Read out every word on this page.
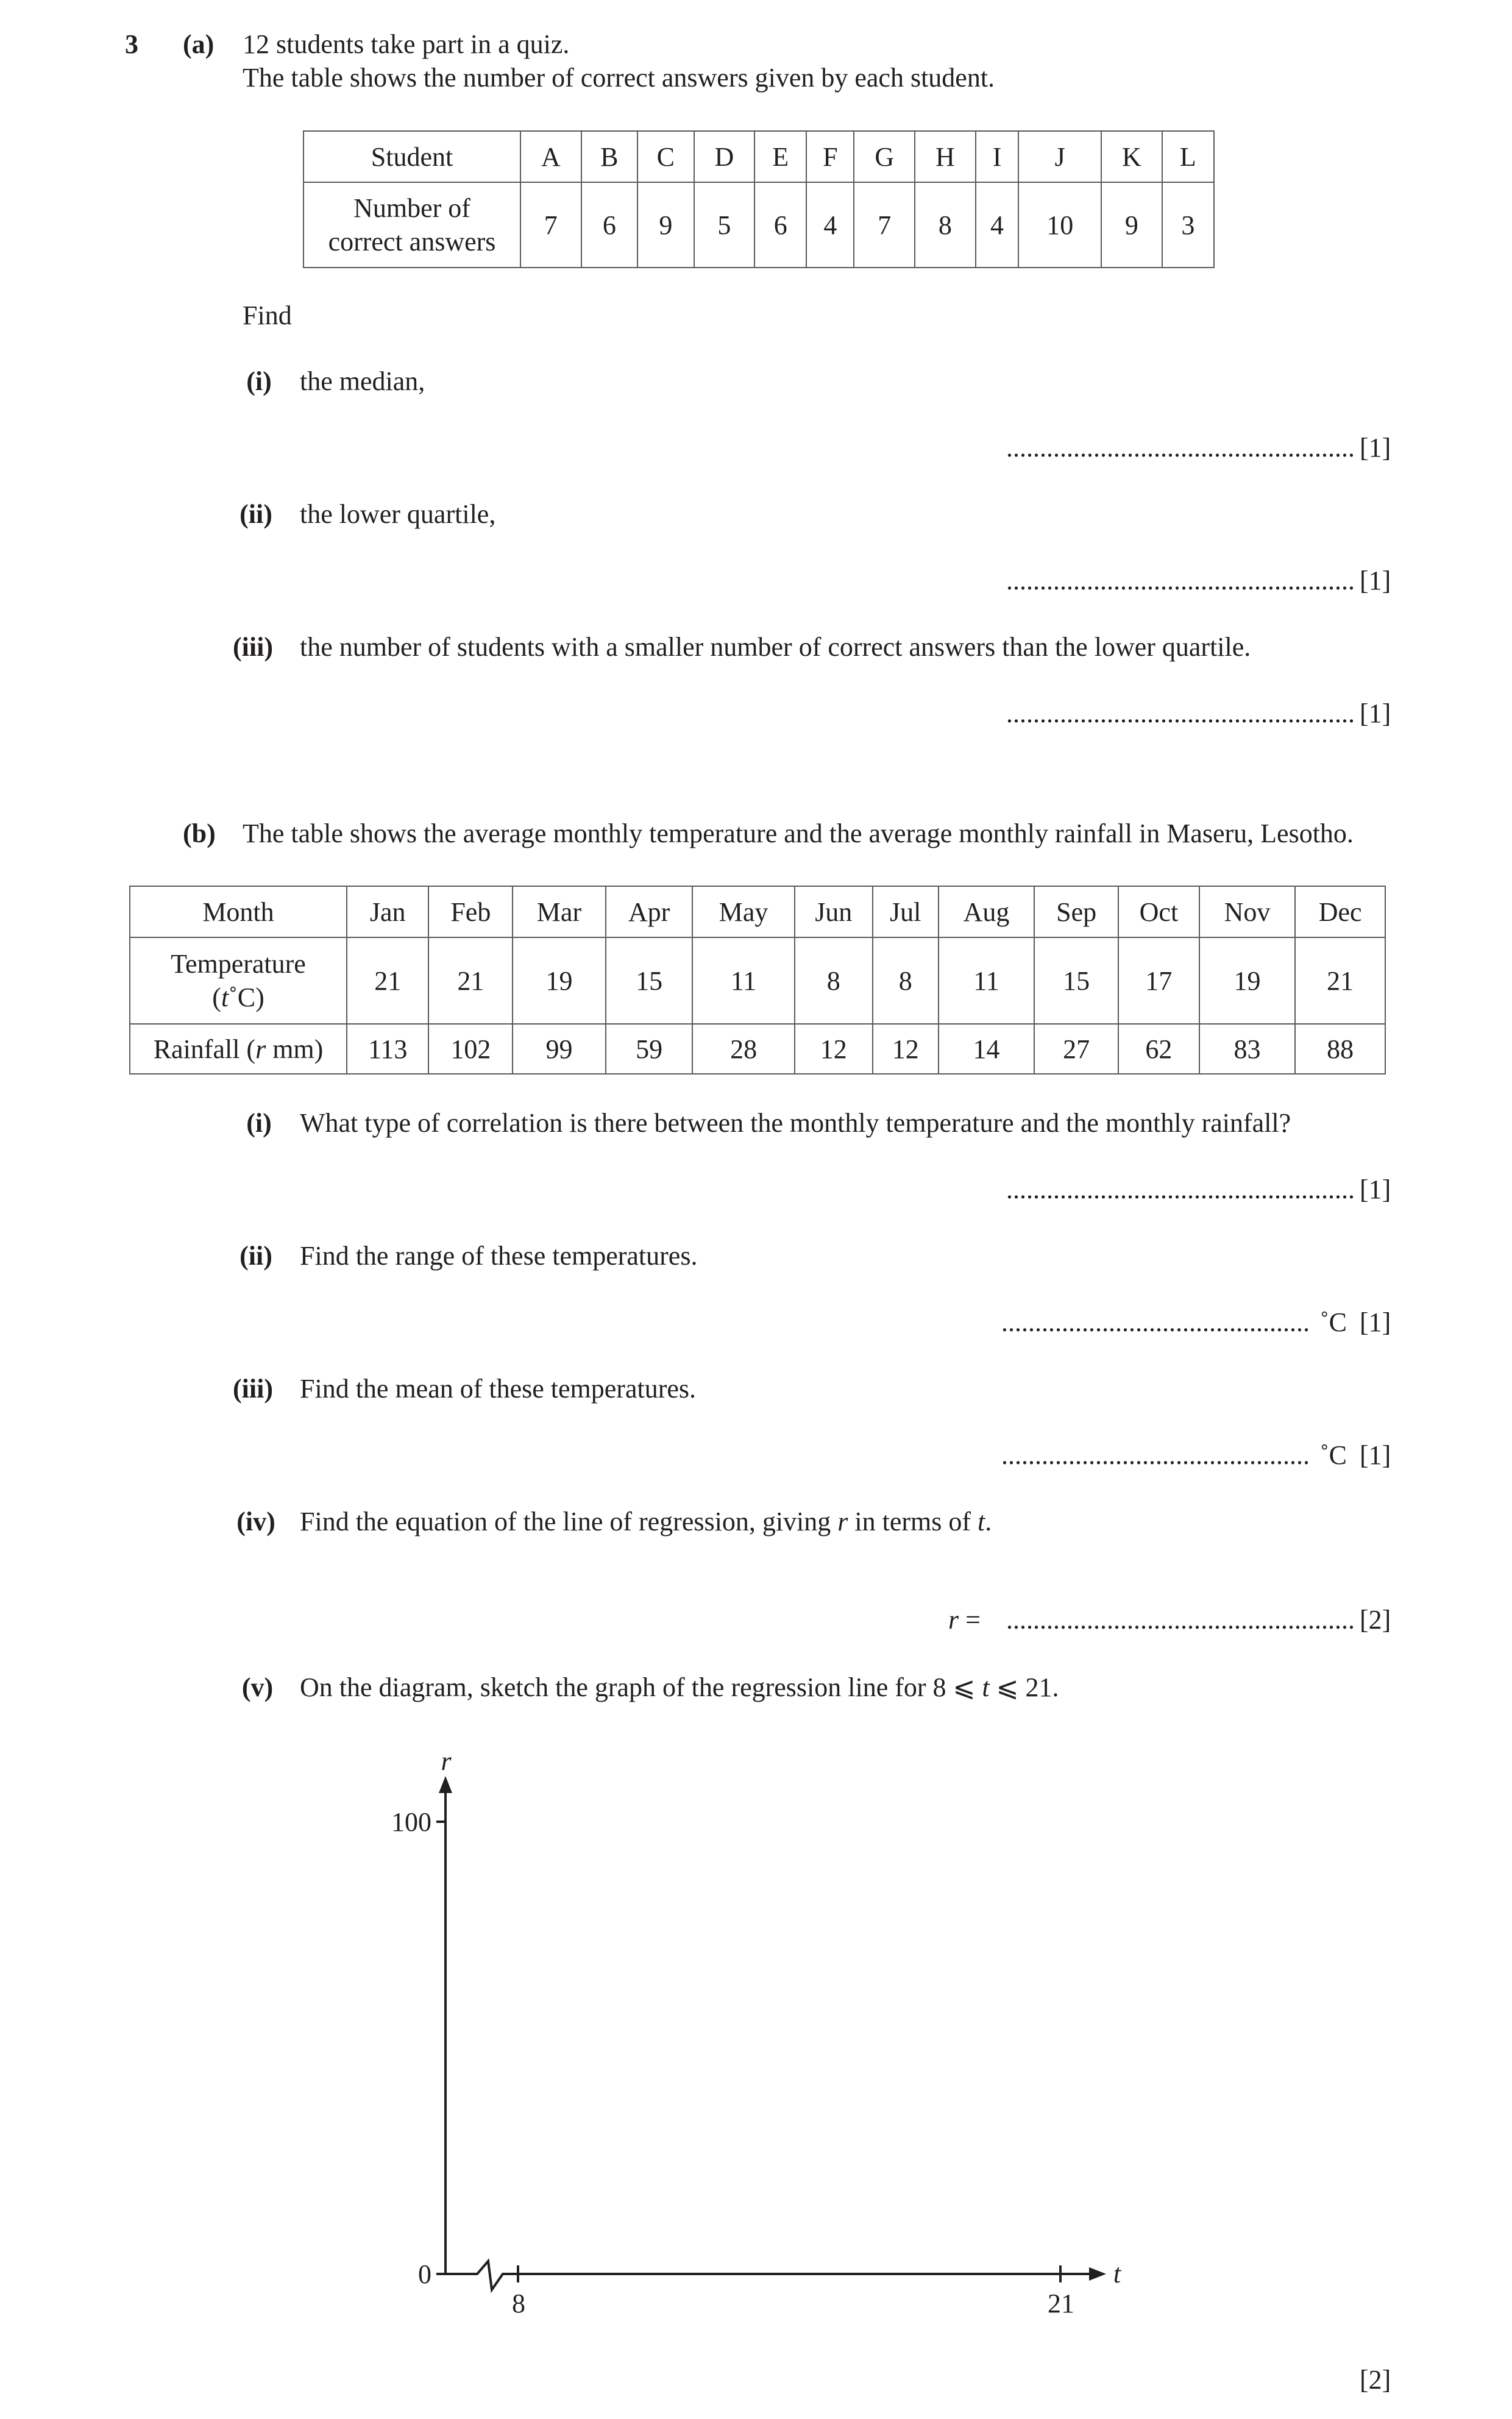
3 (a) 12 students take part in a quiz.
The table shows the number of correct answers given by each student.
Student	A	B	C	D	E	F	G	H	I	J	K	L
Number of
correct answers	7	6	9	5	6	4	7	8	4	10	9	3
Find
(i)	the median,
.................................................... [1]
(ii)	the lower quartile,
.................................................... [1]
(iii)	the number of students with a smaller number of correct answers than the lower quartile.
.................................................... [1]
(b) The table shows the average monthly temperature and the average monthly rainfall in Maseru, Lesotho.
Month	Jan	Feb	Mar	Apr	May	Jun	Jul	Aug	Sep	Oct	Nov	Dec
Temperature
(t˚C)	21	21	19	15	11	8	8	11	15	17	19	21
Rainfall (r mm)	113	102	99	59	28	12	12	14	27	62	83	88
(i)	What type of correlation is there between the monthly temperature and the monthly rainfall?
.................................................... [1]
(ii)	Find the range of these temperatures.
.............................................. ˚C [1]
(iii)	Find the mean of these temperatures.
.............................................. ˚C [1]
(iv) Find the equation of the line of regression, giving r in terms of t.
r = .................................................... [2]
(v) On the diagram, sketch the graph of the regression line for 8 ⩽ t ⩽ 21.
r
t
100
0
8	21
[2]
